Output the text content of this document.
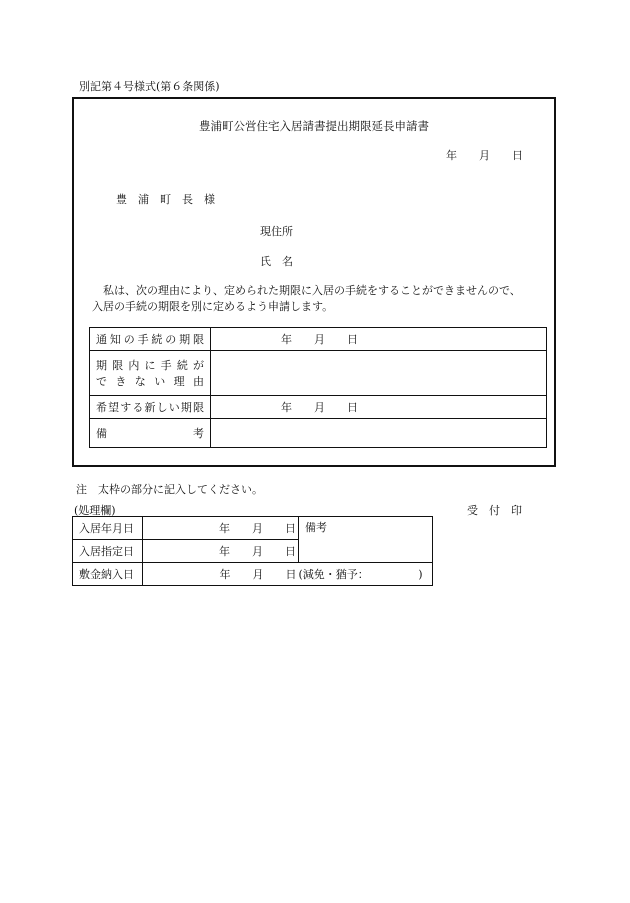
別記第４号様式(第６条関係)
豊浦町公営住宅入居請書提出期限延長申請書
年　　月　　日
豊　浦　町　長　様
現住所
氏　名
私は、次の理由により、定められた期限に入居の手続をすることができませんので、
入居の手続の期限を別に定めるよう申請します。
通知の手続の期限	年　　月　　日

期限内に手続が
できない理由	

希望する新しい期限	年　　月　　日

備　　　考	

注　太枠の部分に記入してください。
(処理欄)	受　付　印
入居年月日	年　　月　　日	備考
入居指定日	年　　月　　日	
敷金納入日	年　　月　　日	(減免・猶予：　　　　　)
